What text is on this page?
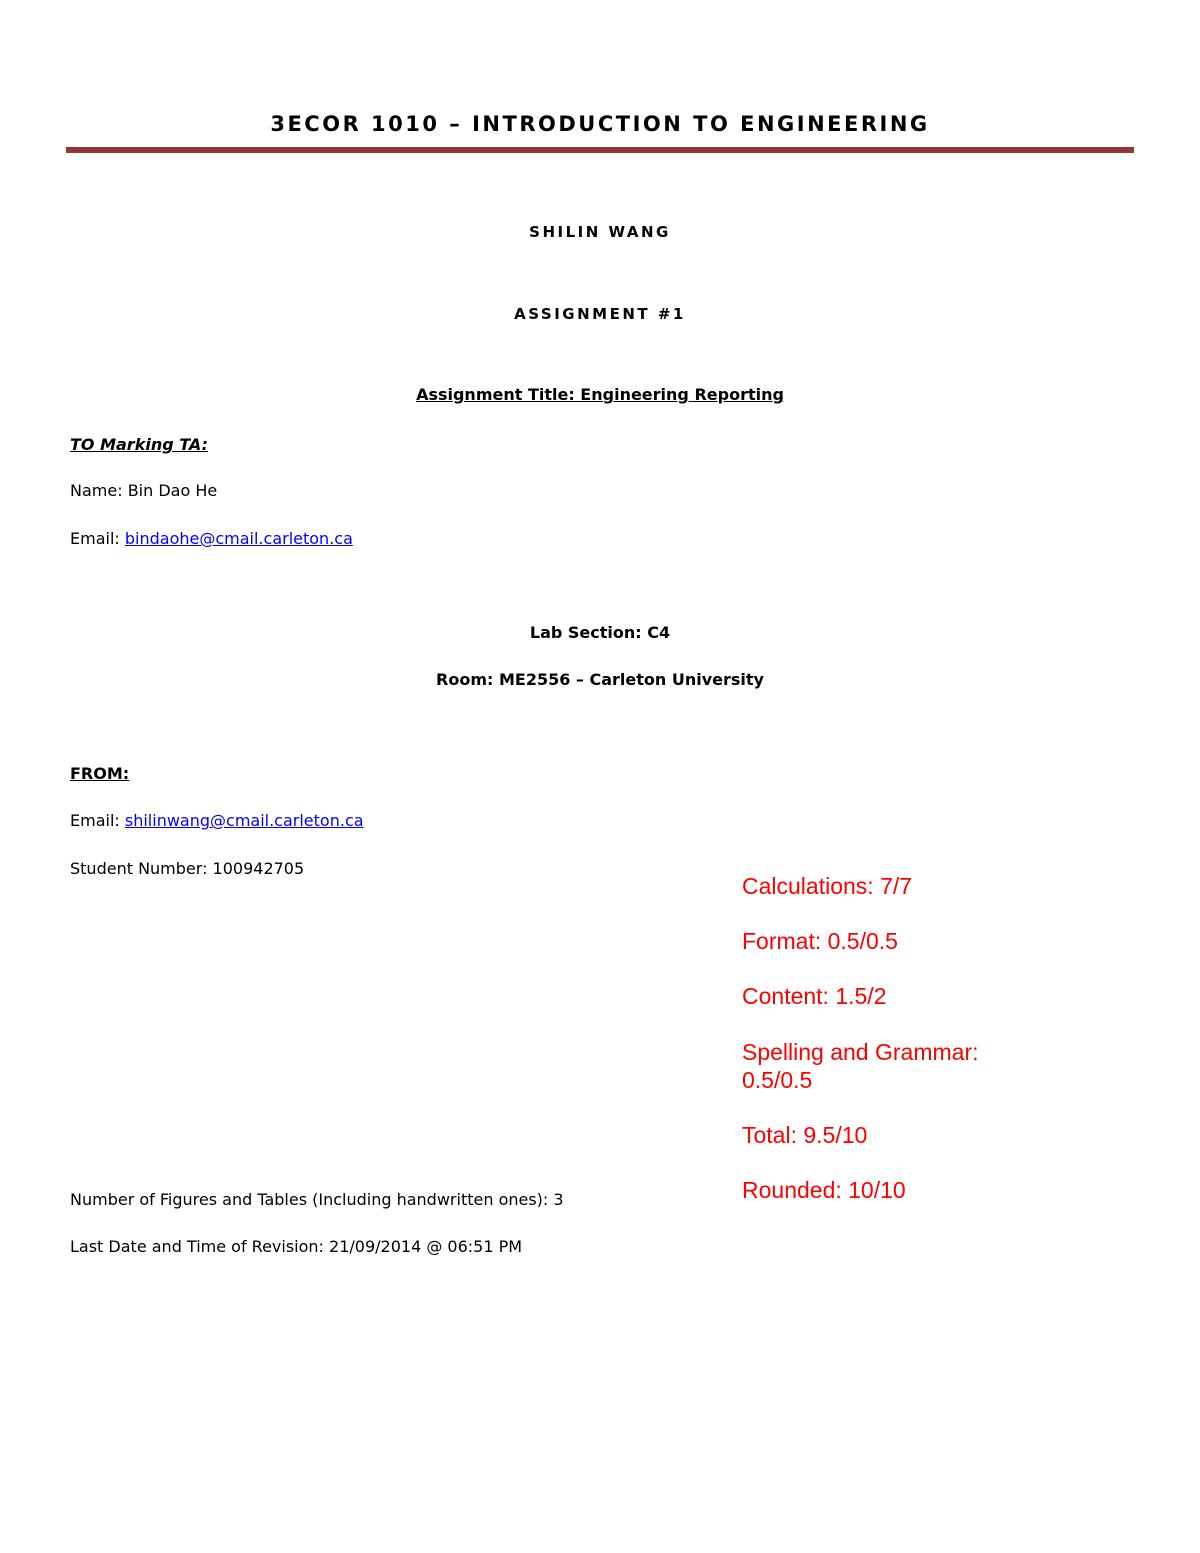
3ECOR 1010 – INTRODUCTION TO ENGINEERING
SHILIN WANG
ASSIGNMENT #1
Assignment Title: Engineering Reporting
TO Marking TA:
Name: Bin Dao He
Email: bindaohe@cmail.carleton.ca
Lab Section: C4
Room: ME2556 – Carleton University
FROM:
Email: shilinwang@cmail.carleton.ca
Student Number: 100942705
Number of Figures and Tables (Including handwritten ones): 3
Last Date and Time of Revision: 21/09/2014 @ 06:51 PM
Calculations: 7/7
Format: 0.5/0.5
Content: 1.5/2
Spelling and Grammar:
0.5/0.5
Total: 9.5/10
Rounded: 10/10
